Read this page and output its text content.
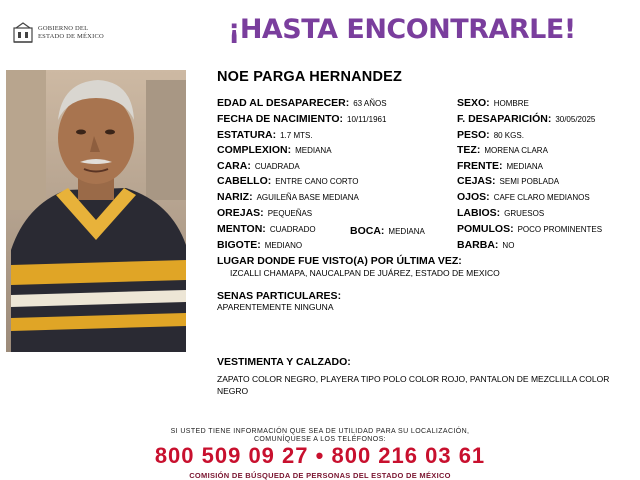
GOBIERNO DEL
ESTADO DE MÉXICO	¡HASTA ENCONTRARLE!
NOE PARGA HERNANDEZ
EDAD AL DESAPARECER: 63 AÑOS
FECHA DE NACIMIENTO: 10/11/1961
ESTATURA: 1.7 MTS.
COMPLEXION: MEDIANA
CARA: CUADRADA
CABELLO: ENTRE CANO CORTO
NARIZ: AGUILEÑA BASE MEDIANA
OREJAS: PEQUEÑAS
MENTON: CUADRADO	BOCA: MEDIANA
BIGOTE: MEDIANO
SEXO: HOMBRE
F. DESAPARICIÓN: 30/05/2025
PESO: 80 KGS.
TEZ: MORENA CLARA
FRENTE: MEDIANA
CEJAS: SEMI POBLADA
OJOS: CAFE CLARO MEDIANOS
LABIOS: GRUESOS
POMULOS: POCO PROMINENTES
BARBA: NO
LUGAR DONDE FUE VISTO(A) POR ÚLTIMA VEZ:
IZCALLI CHAMAPA, NAUCALPAN DE JUÁREZ, ESTADO DE MEXICO
SENAS PARTICULARES:
APARENTEMENTE NINGUNA
VESTIMENTA Y CALZADO:
ZAPATO COLOR NEGRO, PLAYERA TIPO POLO COLOR ROJO, PANTALON DE MEZCLILLA COLOR NEGRO
SI USTED TIENE INFORMACIÓN QUE SEA DE UTILIDAD PARA SU LOCALIZACIÓN,
COMUNÍQUESE A LOS TELÉFONOS:
800 509 09 27 • 800 216 03 61
COMISIÓN DE BÚSQUEDA DE PERSONAS DEL ESTADO DE MÉXICO
